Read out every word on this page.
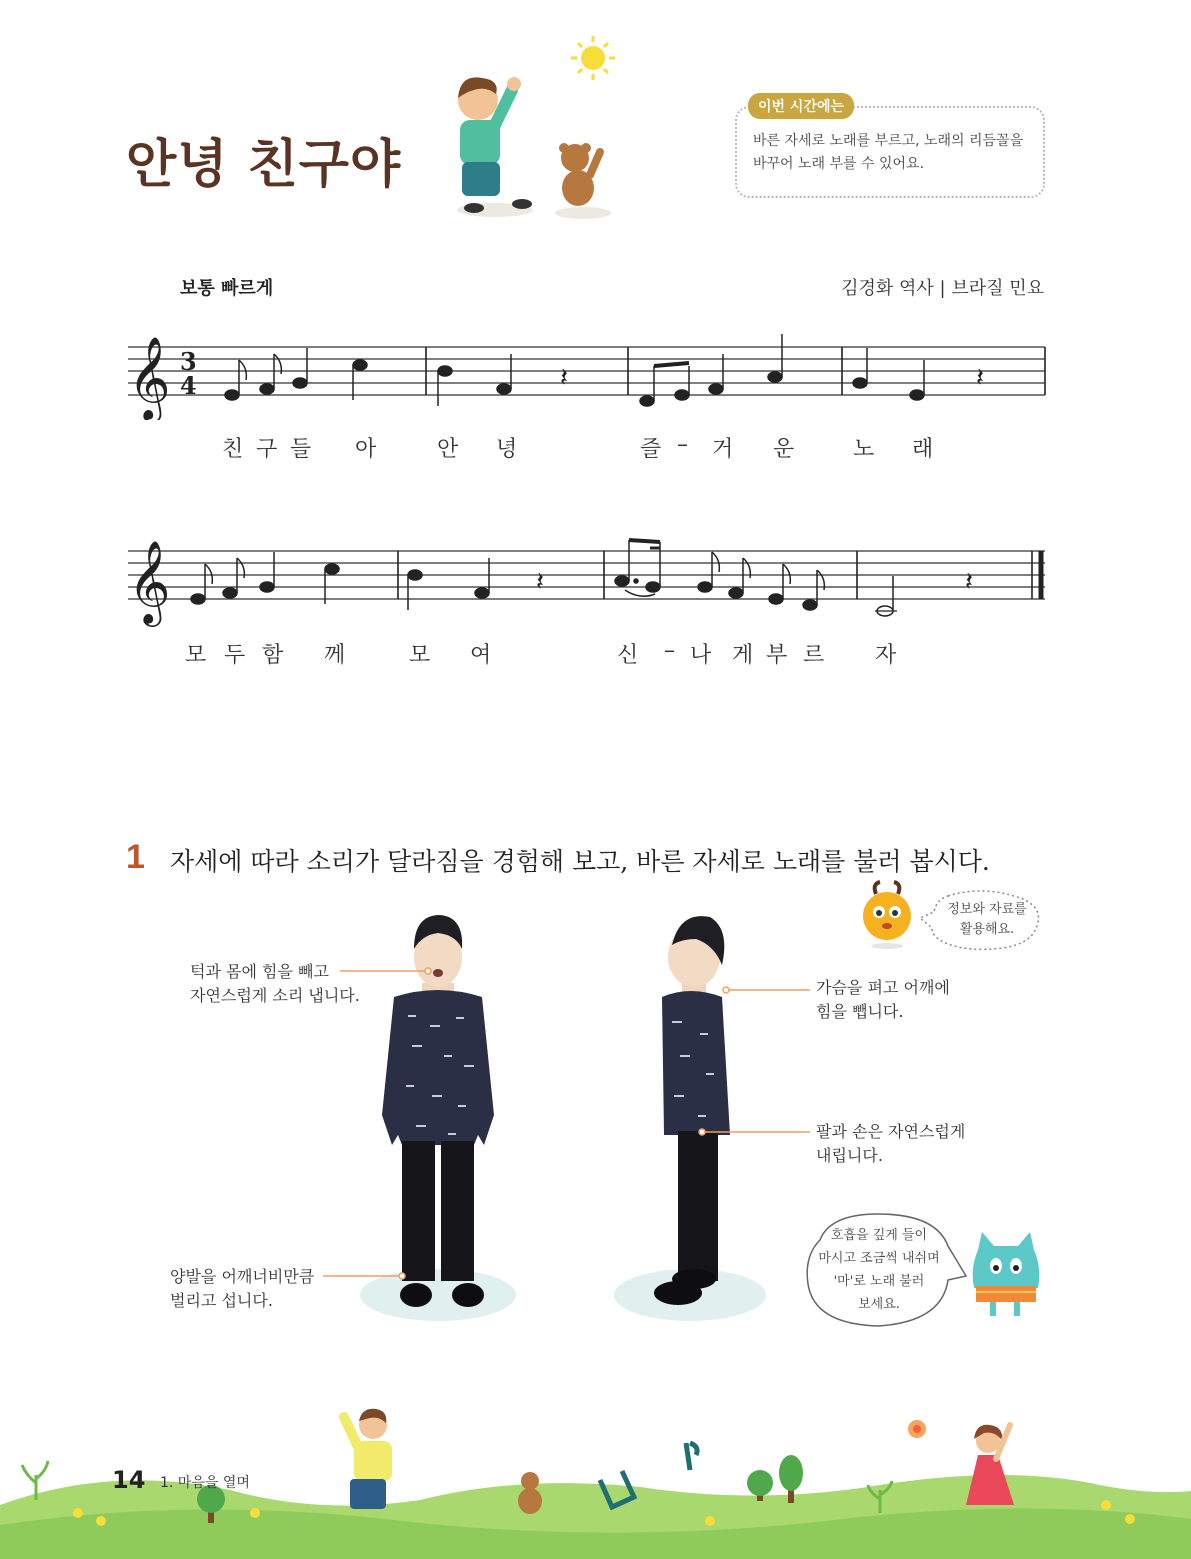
안녕 친구야
이번 시간에는
바른 자세로 노래를 부르고, 노래의 리듬꼴을
바꾸어 노래 부를 수 있어요.
보통 빠르게	김경화 역사 | 브라질 민요
𝄞 3
4	𝄽	𝄽
친 구 들 아	안 녕	즐 – 거 운	노 래
𝄞	𝄽	𝄽
모 두 함 께	모 여	신 – 나 게 부 르 자
1 자세에 따라 소리가 달라짐을 경험해 보고, 바른 자세로 노래를 불러 봅시다.
정보와 자료를
활용해요.
턱과 몸에 힘을 빼고
자연스럽게 소리 냅니다.
양발을 어깨너비만큼
벌리고 섭니다.
가슴을 펴고 어깨에
힘을 뺍니다.
팔과 손은 자연스럽게
내립니다.
호흡을 깊게 들이
마시고 조금씩 내쉬며
'마'로 노래 불러
보세요.
14 1. 마음을 열며
